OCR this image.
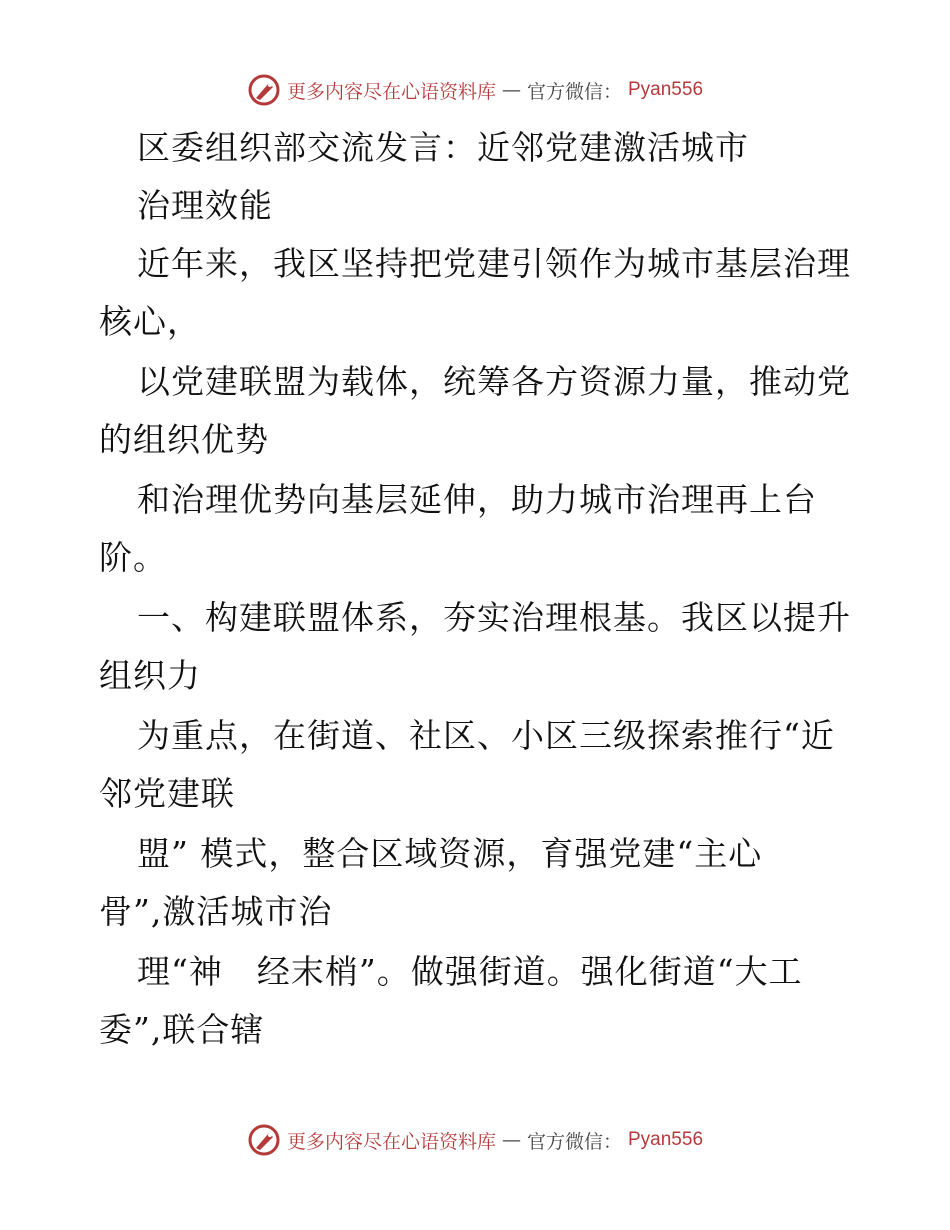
更多内容尽在心语资料库 — 官方微信： Pyan556
区委组织部交流发言：近邻党建激活城市
治理效能
近年来，我区坚持把党建引领作为城市基层治理
核心，
以党建联盟为载体，统筹各方资源力量，推动党
的组织优势
和治理优势向基层延伸，助力城市治理再上台
阶。
一、构建联盟体系，夯实治理根基。我区以提升
组织力
为重点，在街道、社区、小区三级探索推行“近
邻党建联
盟” 模式，整合区域资源，育强党建“主心
骨”,激活城市治
理“神　经末梢”。做强街道。强化街道“大工
委”,联合辖
更多内容尽在心语资料库 — 官方微信： Pyan556
